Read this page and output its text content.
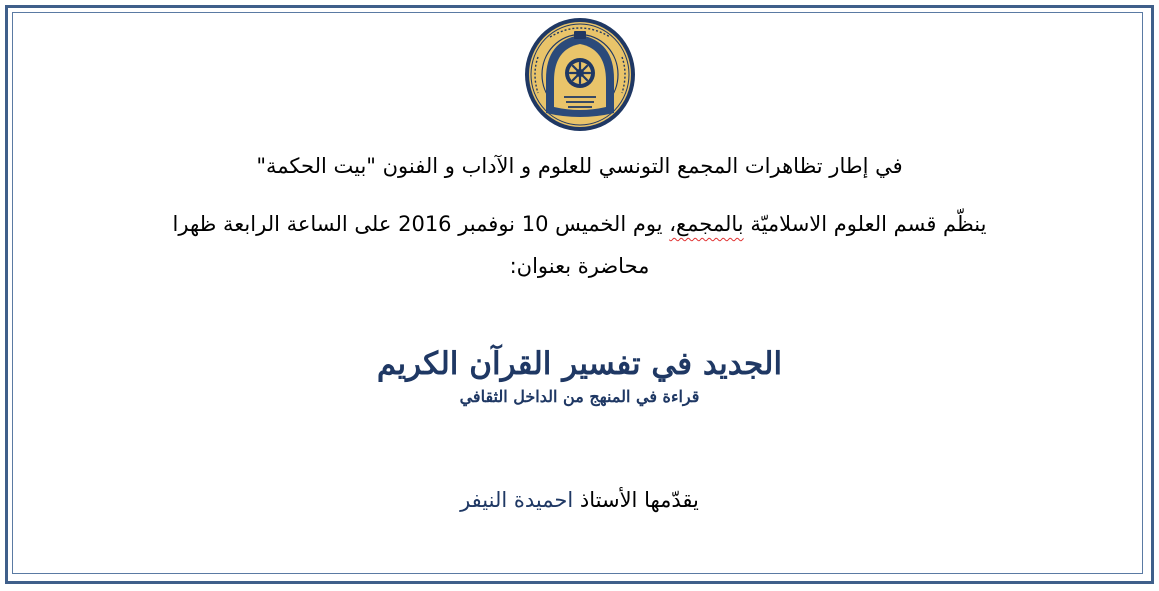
في إطار تظاهرات المجمع التونسي للعلوم و الآداب و الفنون "بيت الحكمة"
ينظّم قسم العلوم الاسلاميّة بالمجمع، يوم الخميس 10 نوفمبر 2016 على الساعة الرابعة ظهرا
محاضرة بعنوان:
الجديد في تفسير القرآن الكريم
قراءة في المنهج من الداخل الثقافي
يقدّمها الأستاذ احميدة النيفر
